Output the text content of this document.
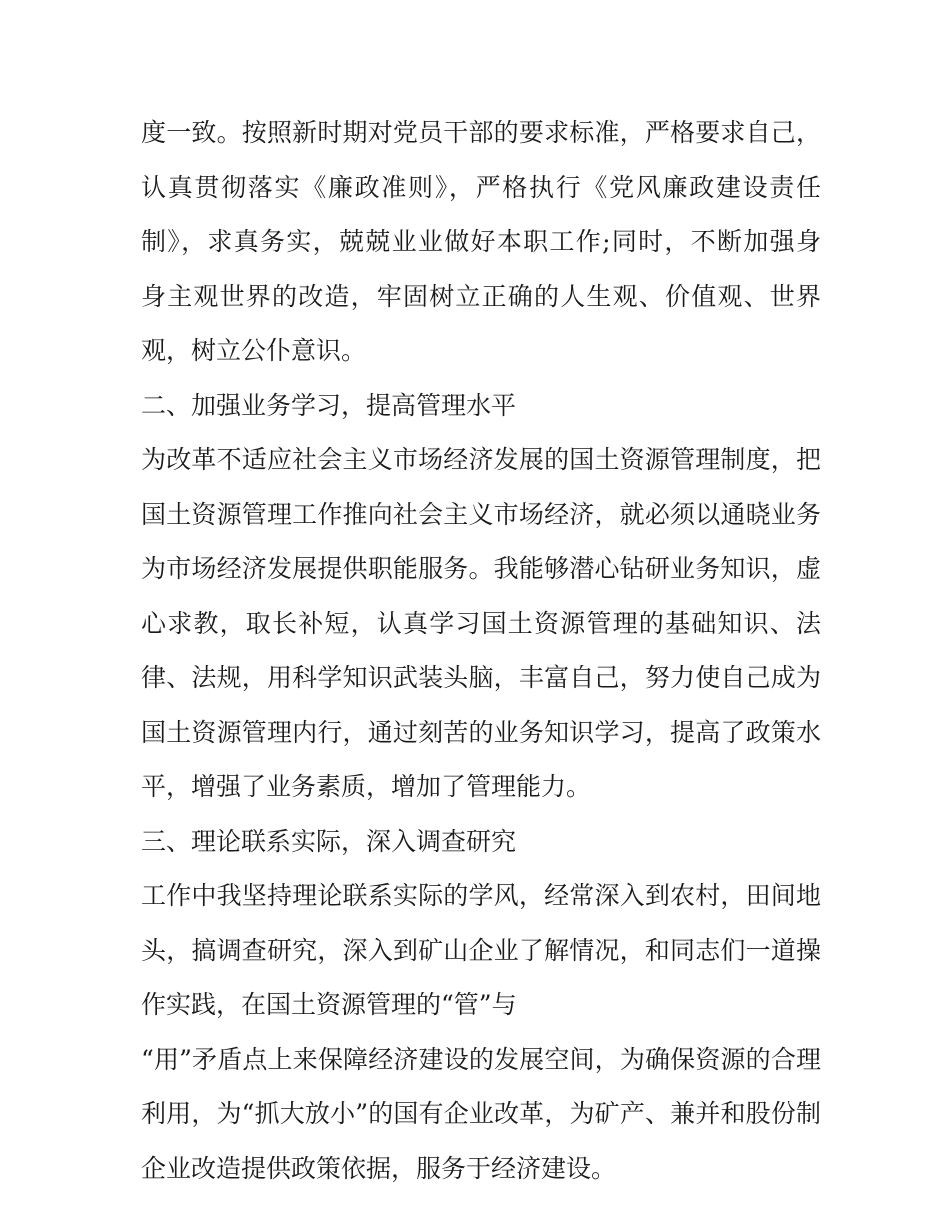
度一致。按照新时期对党员干部的要求标准，严格要求自己，
认真贯彻落实《廉政准则》，严格执行《党风廉政建设责任
制》，求真务实，兢兢业业做好本职工作;同时，不断加强身
身主观世界的改造，牢固树立正确的人生观、价值观、世界
观，树立公仆意识。
二、加强业务学习，提高管理水平
为改革不适应社会主义市场经济发展的国土资源管理制度，把
国土资源管理工作推向社会主义市场经济，就必须以通晓业务
为市场经济发展提供职能服务。我能够潜心钻研业务知识，虚
心求教，取长补短，认真学习国土资源管理的基础知识、法
律、法规，用科学知识武装头脑，丰富自己，努力使自己成为
国土资源管理内行，通过刻苦的业务知识学习，提高了政策水
平，增强了业务素质，增加了管理能力。
三、理论联系实际，深入调查研究
工作中我坚持理论联系实际的学风，经常深入到农村，田间地
头，搞调查研究，深入到矿山企业了解情况，和同志们一道操
作实践，在国土资源管理的“管”与
“用”矛盾点上来保障经济建设的发展空间，为确保资源的合理
利用，为“抓大放小”的国有企业改革，为矿产、兼并和股份制
企业改造提供政策依据，服务于经济建设。
